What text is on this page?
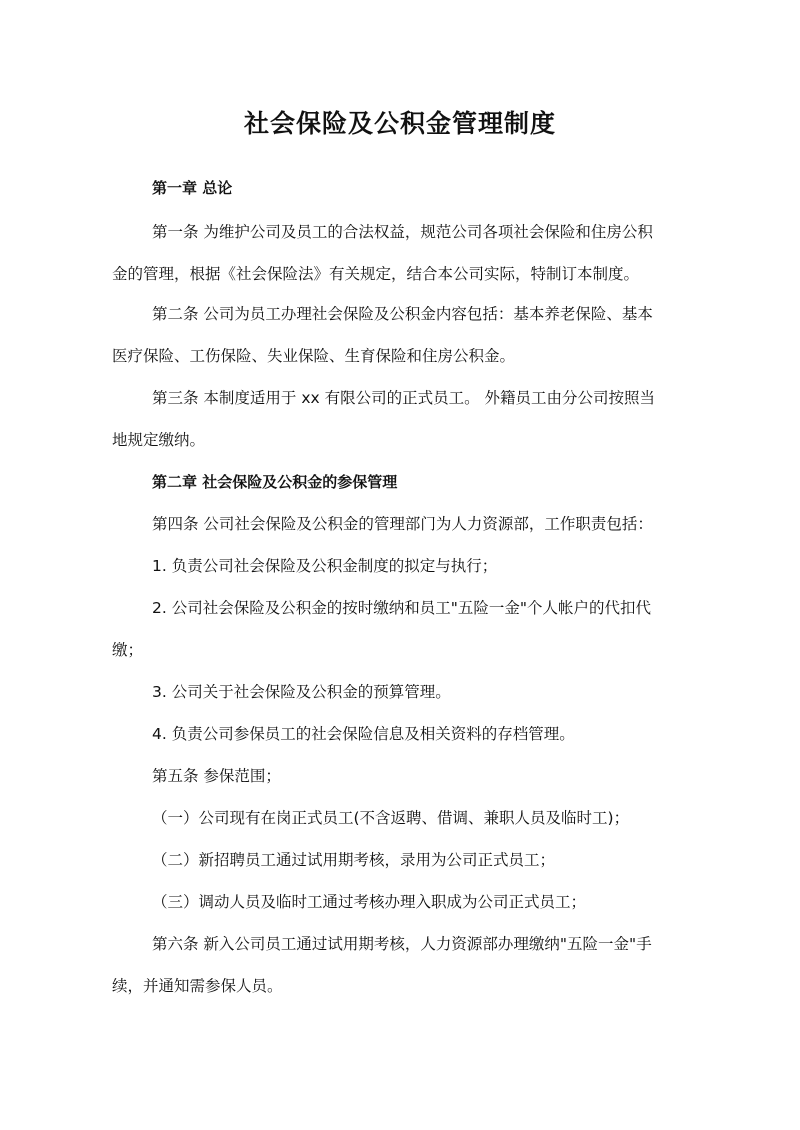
社会保险及公积金管理制度

第一章 总论

第一条 为维护公司及员工的合法权益，规范公司各项社会保险和住房公积

金的管理，根据《社会保险法》有关规定，结合本公司实际，特制订本制度。

第二条 公司为员工办理社会保险及公积金内容包括：基本养老保险、基本

医疗保险、工伤保险、失业保险、生育保险和住房公积金。

第三条 本制度适用于 xx 有限公司的正式员工。 外籍员工由分公司按照当

地规定缴纳。

第二章 社会保险及公积金的参保管理

第四条 公司社会保险及公积金的管理部门为人力资源部，工作职责包括：

1. 负责公司社会保险及公积金制度的拟定与执行；

2. 公司社会保险及公积金的按时缴纳和员工"五险一金"个人帐户的代扣代

缴；

3. 公司关于社会保险及公积金的预算管理。

4. 负责公司参保员工的社会保险信息及相关资料的存档管理。

第五条 参保范围；

（一）公司现有在岗正式员工(不含返聘、借调、兼职人员及临时工)；

（二）新招聘员工通过试用期考核，录用为公司正式员工；

（三）调动人员及临时工通过考核办理入职成为公司正式员工；

第六条 新入公司员工通过试用期考核，人力资源部办理缴纳"五险一金"手

续，并通知需参保人员。
